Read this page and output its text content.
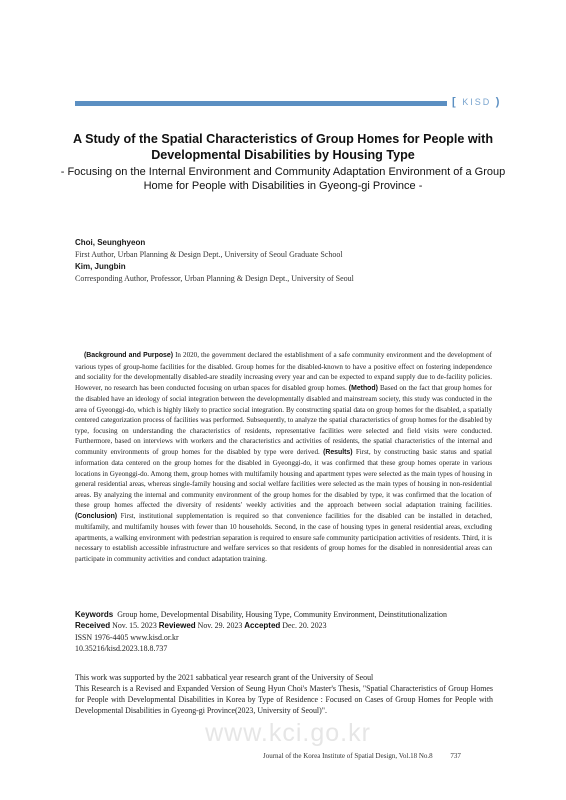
[ KISD )
A Study of the Spatial Characteristics of Group Homes for People with Developmental Disabilities by Housing Type

- Focusing on the Internal Environment and Community Adaptation Environment of a Group Home for People with Disabilities in Gyeong-gi Province -

Choi, Seunghyeon
First Author, Urban Planning & Design Dept., University of Seoul Graduate School
Kim, Jungbin
Corresponding Author, Professor, Urban Planning & Design Dept., University of Seoul
(Background and Purpose) In 2020, the government declared the establishment of a safe community environment and the development of various types of group-home facilities for the disabled. Group homes for the disabled-known to have a positive effect on fostering independence and sociality for the developmentally disabled-are steadily increasing every year and can be expected to expand supply due to de-facility policies. However, no research has been conducted focusing on urban spaces for disabled group homes. (Method) Based on the fact that group homes for the disabled have an ideology of social integration between the developmentally disabled and mainstream society, this study was conducted in the area of Gyeonggi-do, which is highly likely to practice social integration. By constructing spatial data on group homes for the disabled, a spatially centered categorization process of facilities was performed. Subsequently, to analyze the spatial characteristics of group homes for the disabled by type, focusing on understanding the characteristics of residents, representative facilities were selected and field visits were conducted. Furthermore, based on interviews with workers and the characteristics and activities of residents, the spatial characteristics of the internal and community environments of group homes for the disabled by type were derived. (Results) First, by constructing basic status and spatial information data centered on the group homes for the disabled in Gyeonggi-do, it was confirmed that these group homes operate in various locations in Gyeonggi-do. Among them, group homes with multifamily housing and apartment types were selected as the main types of housing in general residential areas, whereas single-family housing and social welfare facilities were selected as the main types of housing in non-residential areas. By analyzing the internal and community environment of the group homes for the disabled by type, it was confirmed that the location of these group homes affected the diversity of residents' weekly activities and the approach between social adaptation training facilities. (Conclusion) First, institutional supplementation is required so that convenience facilities for the disabled can be installed in detached, multifamily, and multifamily houses with fewer than 10 households. Second, in the case of housing types in general residential areas, excluding apartments, a walking environment with pedestrian separation is required to ensure safe community participation activities of residents. Third, it is necessary to establish accessible infrastructure and welfare services so that residents of group homes for the disabled in nonresidential areas can participate in community activities and conduct adaptation training.
Keywords Group home, Developmental Disability, Housing Type, Community Environment, Deinstitutionalization
Received Nov. 15. 2023 Reviewed Nov. 29. 2023 Accepted Dec. 20. 2023
ISSN 1976-4405 www.kisd.or.kr
10.35216/kisd.2023.18.8.737

This work was supported by the 2021 sabbatical year research grant of the University of Seoul

This Research is a Revised and Expanded Version of Seung Hyun Choi's Master's Thesis, "Spatial Characteristics of Group Homes for People with Developmental Disabilities in Korea by Type of Residence : Focused on Cases of Group Homes for People with Developmental Disabilities in Gyeong-gi Province(2023, University of Seoul)".

www.kci.go.kr
Journal of the Korea Institute of Spatial Design, Vol.18 No.8	737
